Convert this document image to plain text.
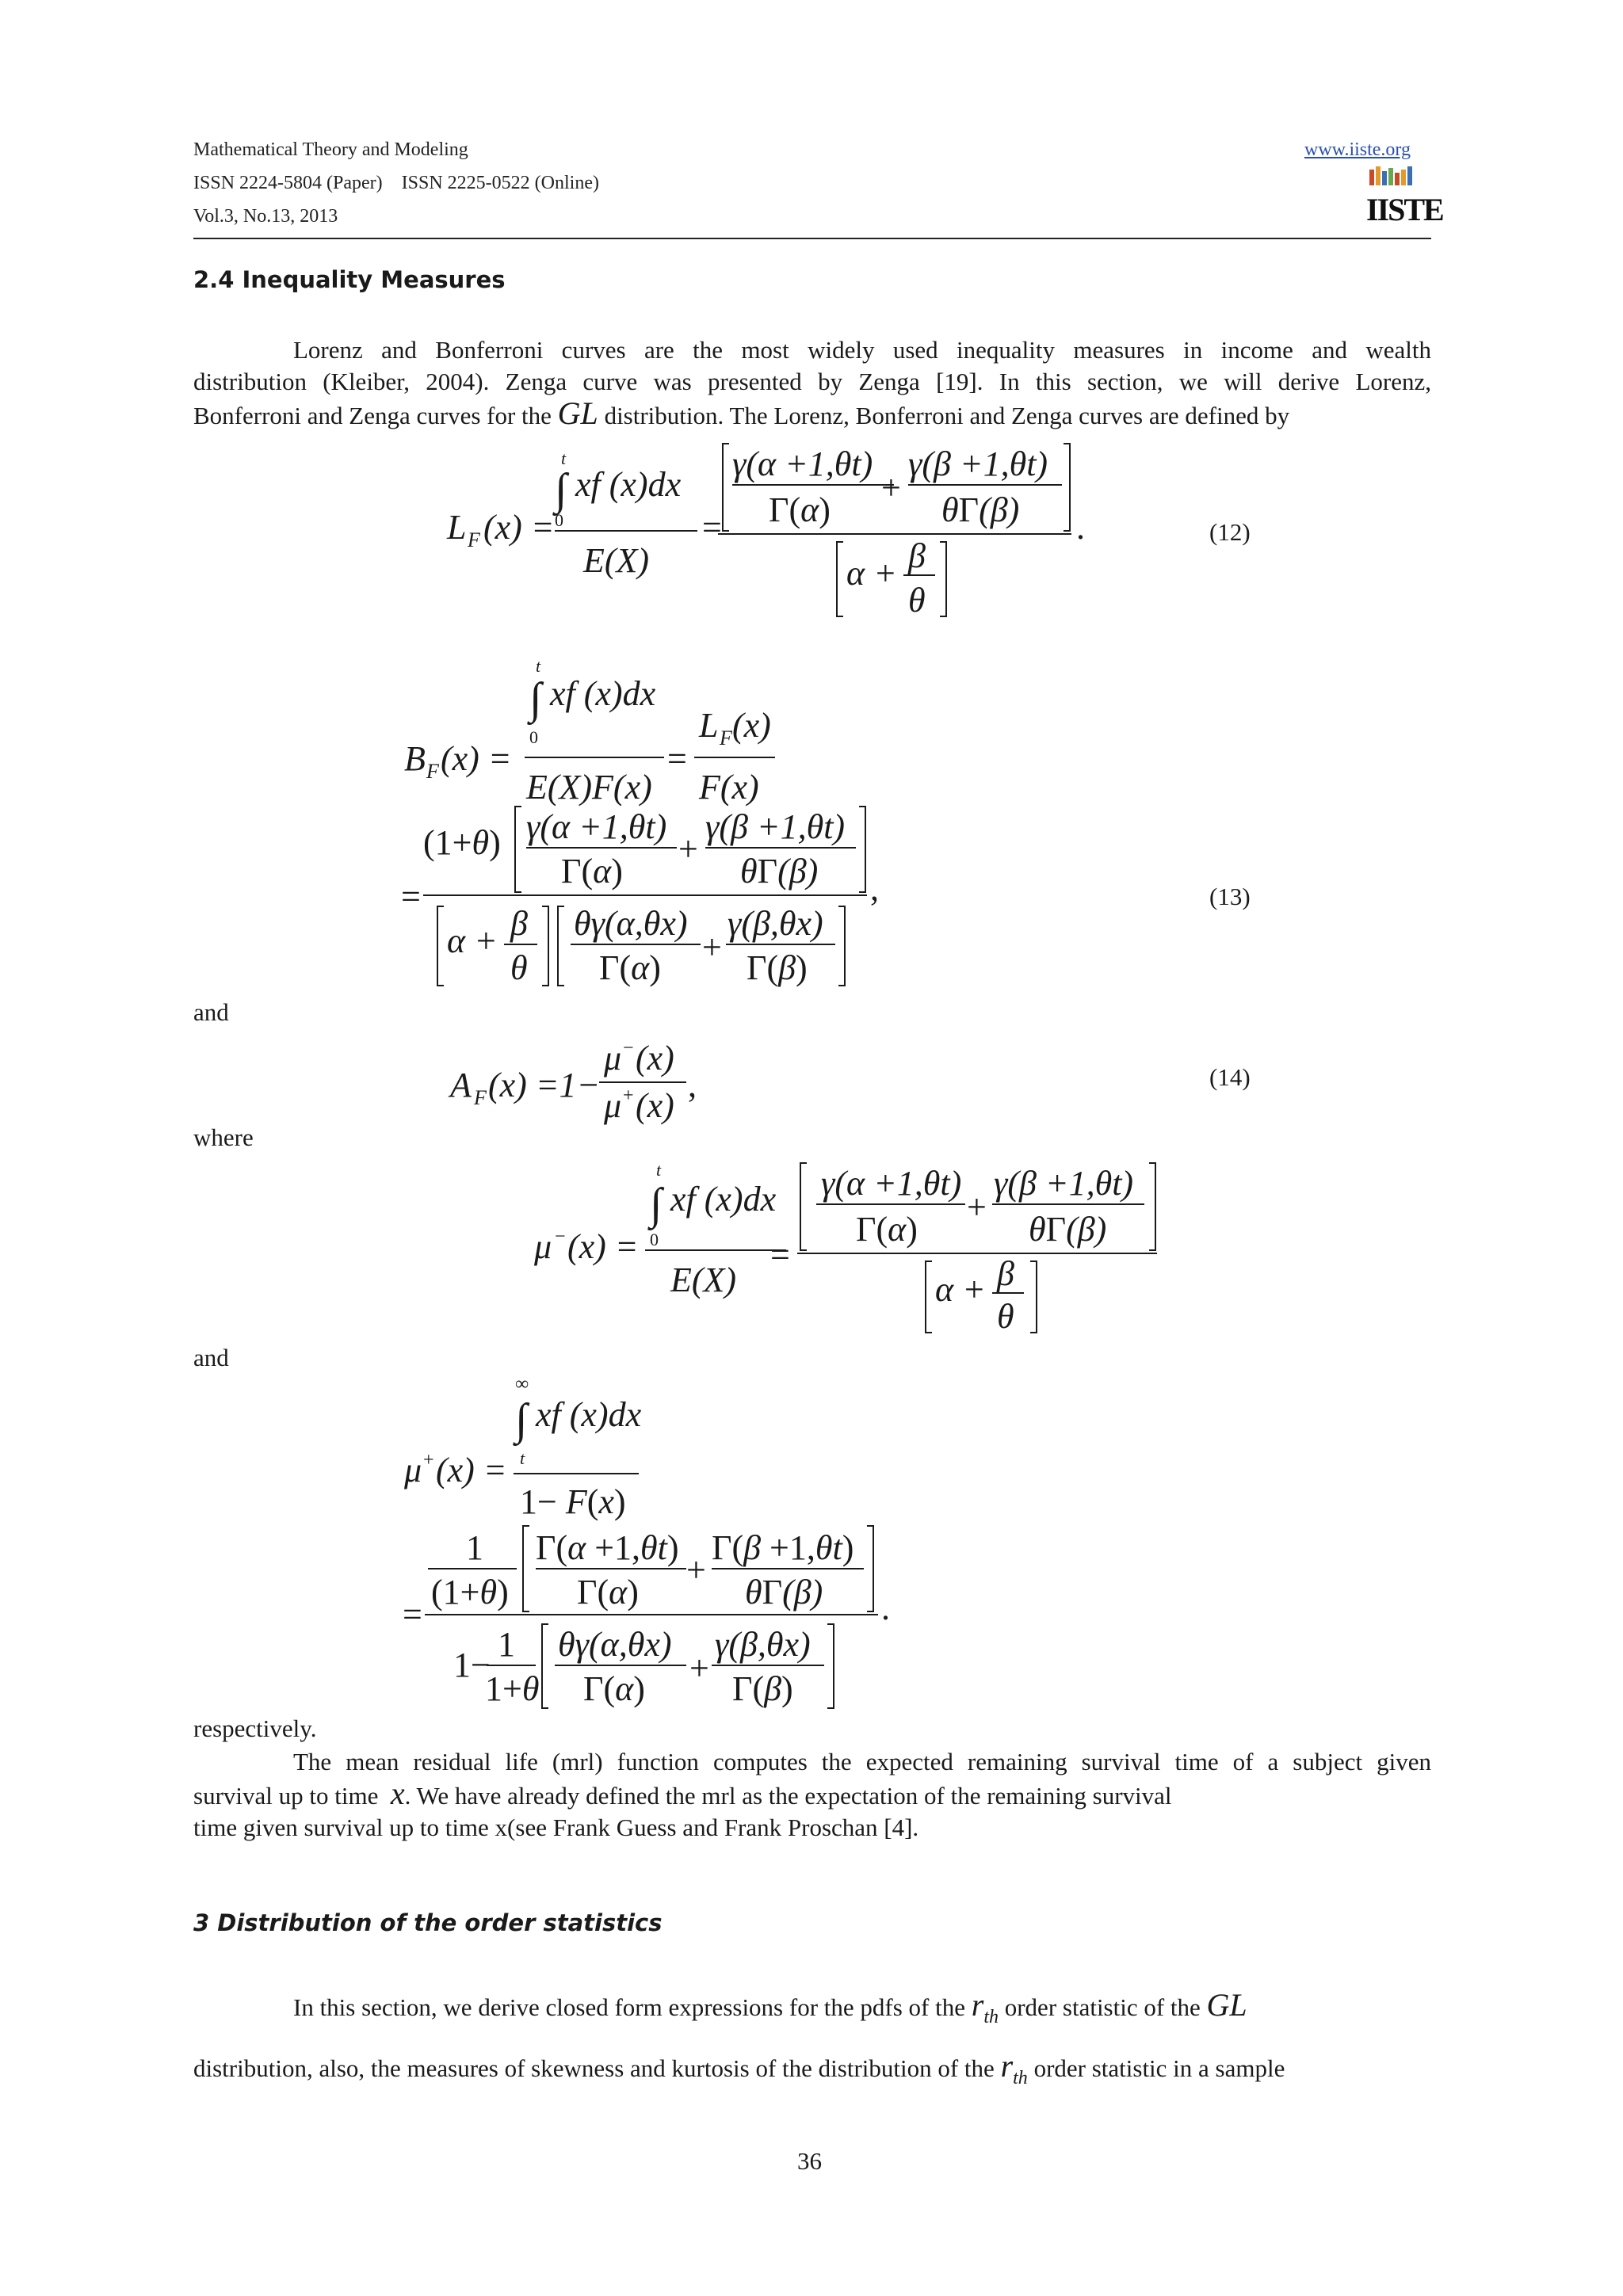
Mathematical Theory and Modeling
ISSN 2224-5804 (Paper)    ISSN 2225-0522 (Online)
Vol.3, No.13, 2013
www.iiste.org
IISTE
2.4 Inequality Measures
Lorenz and Bonferroni curves are the most widely used inequality measures in income and wealth
distribution (Kleiber, 2004). Zenga curve was presented by Zenga [19]. In this section, we will derive Lorenz,
Bonferroni and Zenga curves for the GL distribution. The Lorenz, Bonferroni and Zenga curves are defined by
L F (x) =
t
∫ xf (x)dx
0
E(X)
=
γ(α +1,θt)
Γ(α)
+
γ(β +1,θt)
θΓ(β) .
α + β
θ
(12)
B F (x) =
t
∫ xf (x)dx
0
E(X)F(x)
=
L F (x)
F(x)
(1+θ) γ(α +1,θt)
Γ(α)
+
γ(β +1,θt)
θΓ(β)
=	,
α + β
θ
θγ(α,θx)
Γ(α)
+
γ(β,θx)
Γ(β)
(13)
and
A F (x) =1−
μ − (x)
μ + (x)
,	(14)
where
μ − (x) =
t
∫ xf (x)dx
0
E(X)
=
γ(α +1,θt)
Γ(α)
+
γ(β +1,θt)
θΓ(β)
α + β
θ
and
μ + (x) =
∞
∫ xf (x)dx
t
1− F(x)
1
(1+θ)
Γ(α +1,θt)
Γ(α)
+
Γ(β +1,θt)
θΓ(β)
=	.
1−
1
1+θ
θγ(α,θx)
Γ(α)
+
γ(β,θx)
Γ(β)
respectively.
The mean residual life (mrl) function computes the expected remaining survival time of a subject given
survival up to time x. We have already defined the mrl as the expectation of the remaining survival
time given survival up to time x(see Frank Guess and Frank Proschan [4].
3 Distribution of the order statistics
In this section, we derive closed form expressions for the pdfs of the $r_{th}$ order statistic of the GL
distribution, also, the measures of skewness and kurtosis of the distribution of the $r_{th}$ order statistic in a sample
36
